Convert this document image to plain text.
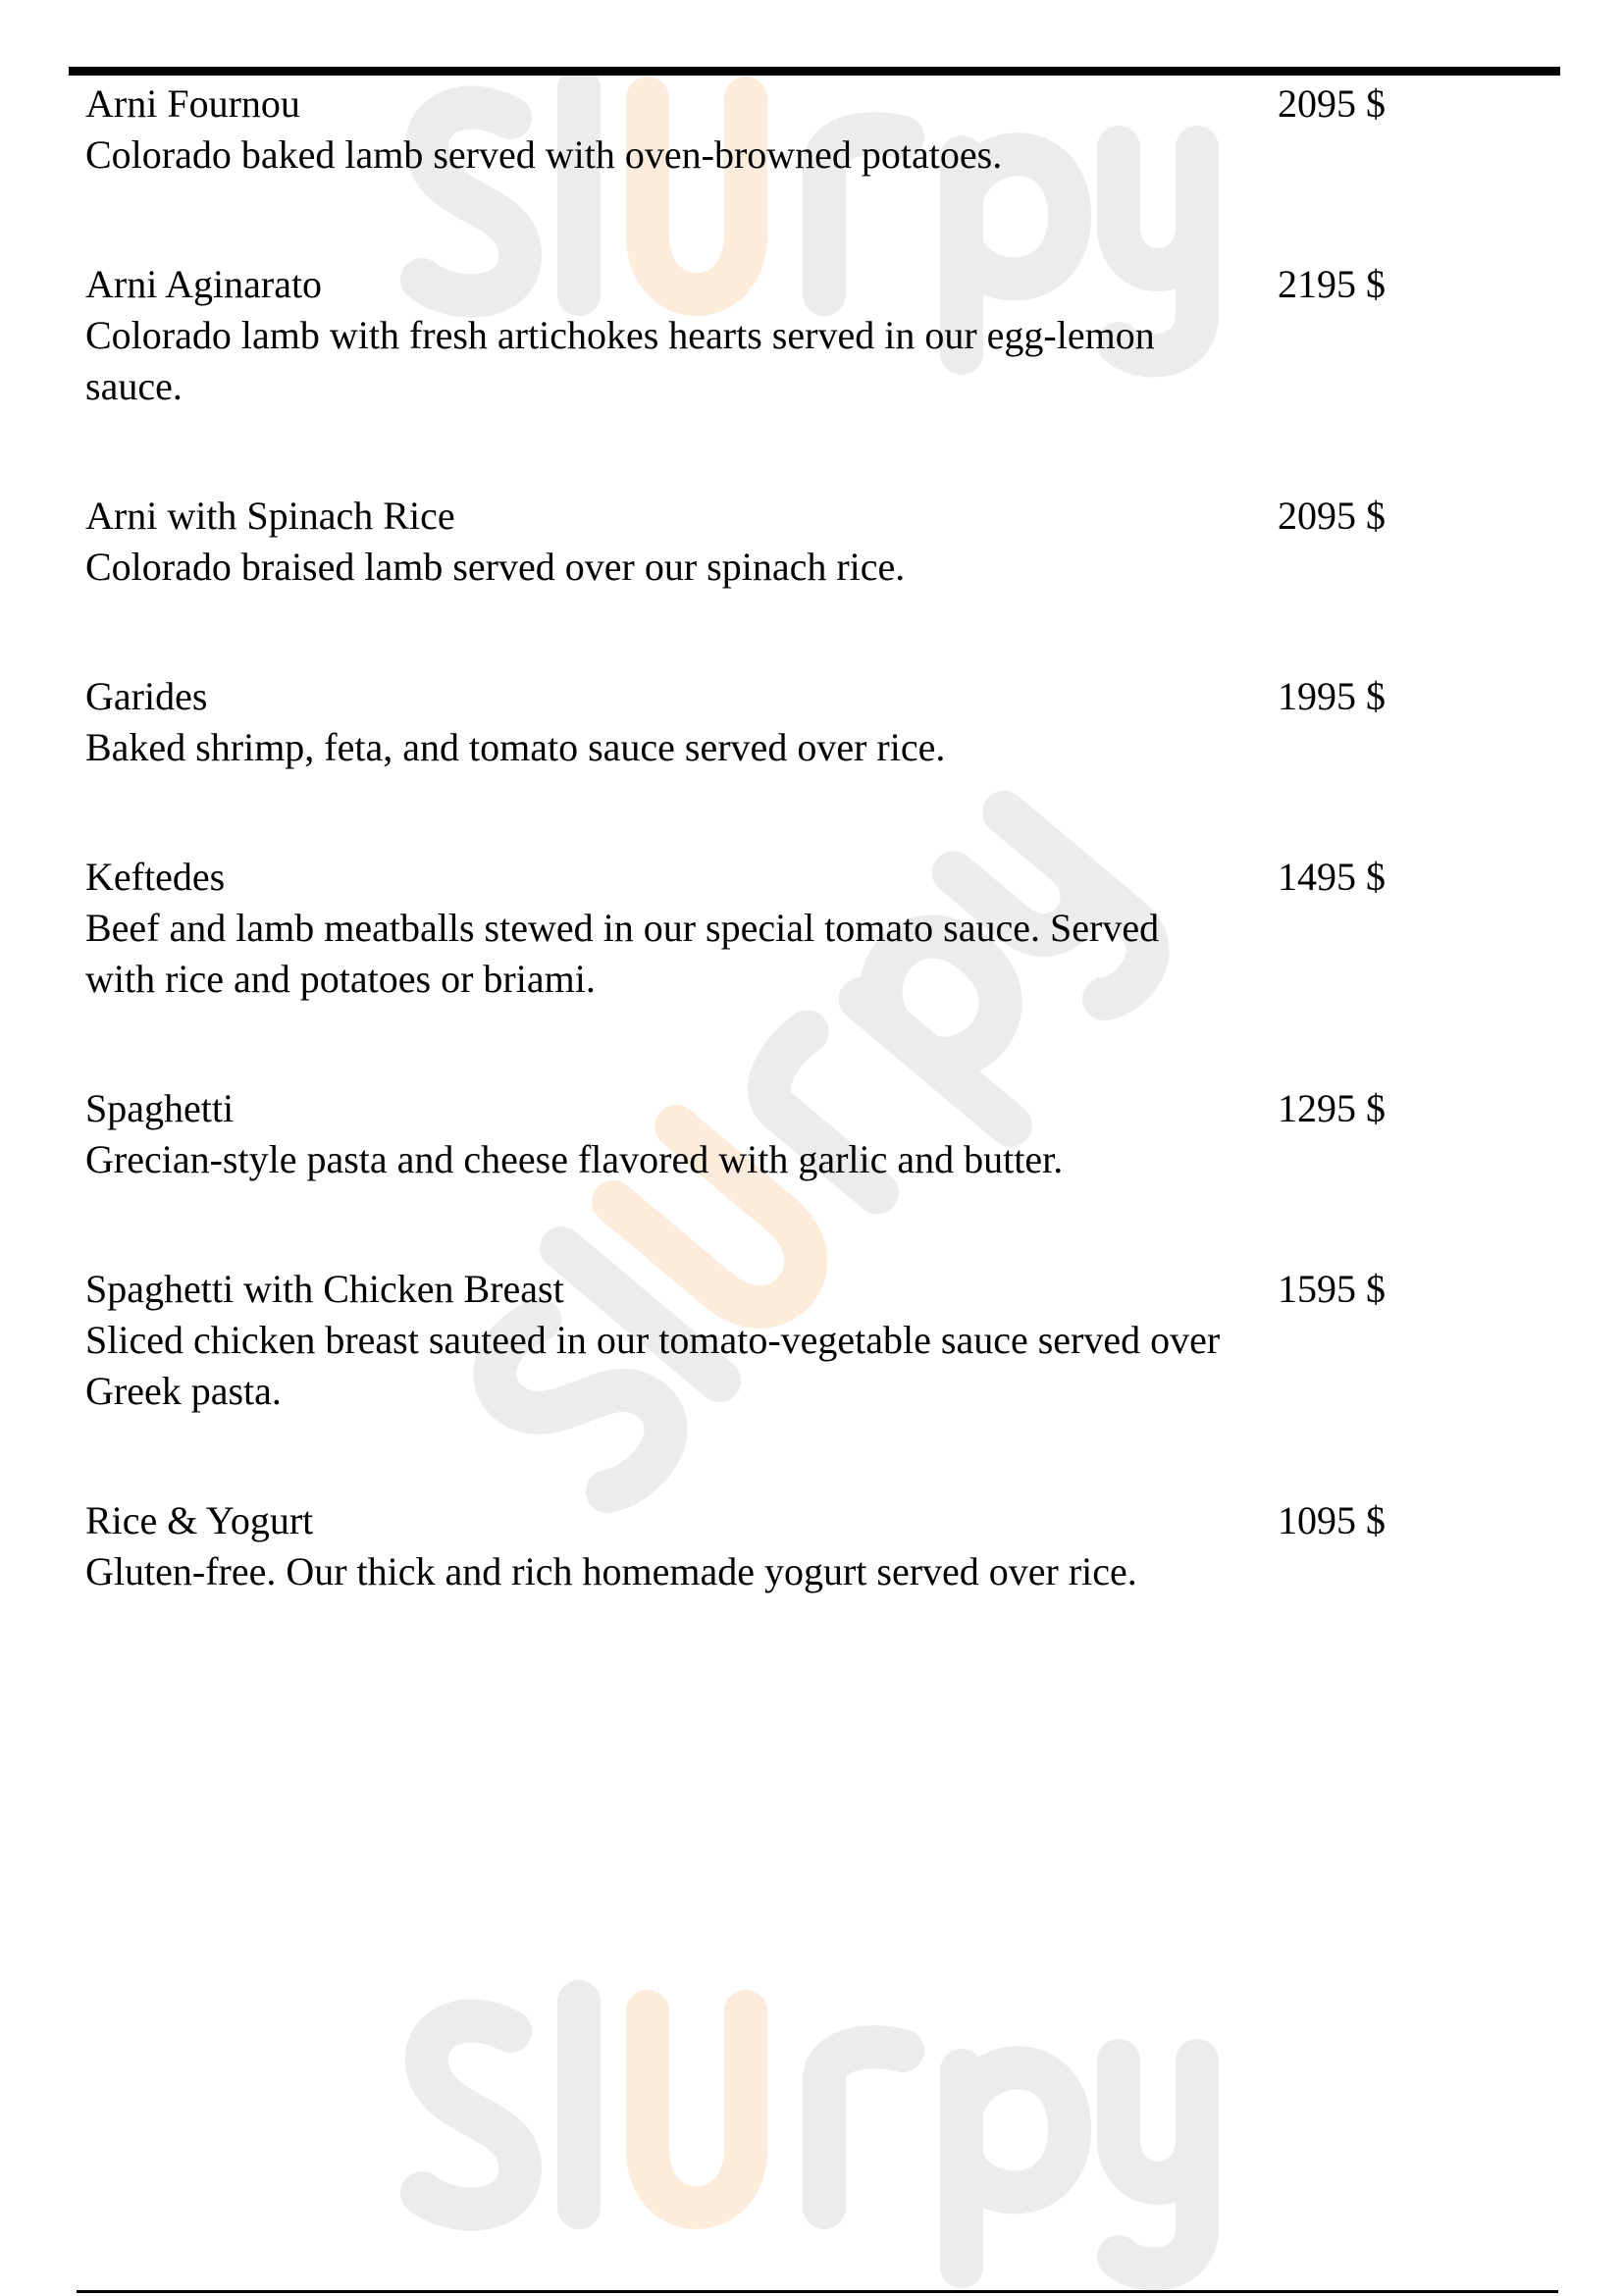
Arni Fournou
Colorado baked lamb served with oven-browned potatoes.
2095 $
Arni Aginarato
Colorado lamb with fresh artichokes hearts served in our egg-lemon sauce.
2195 $
Arni with Spinach Rice
Colorado braised lamb served over our spinach rice.
2095 $
Garides
Baked shrimp, feta, and tomato sauce served over rice.
1995 $
Keftedes
Beef and lamb meatballs stewed in our special tomato sauce. Served with rice and potatoes or briami.
1495 $
Spaghetti
Grecian-style pasta and cheese flavored with garlic and butter.
1295 $
Spaghetti with Chicken Breast
Sliced chicken breast sauteed in our tomato-vegetable sauce served over Greek pasta.
1595 $
Rice & Yogurt
Gluten-free. Our thick and rich homemade yogurt served over rice.
1095 $
